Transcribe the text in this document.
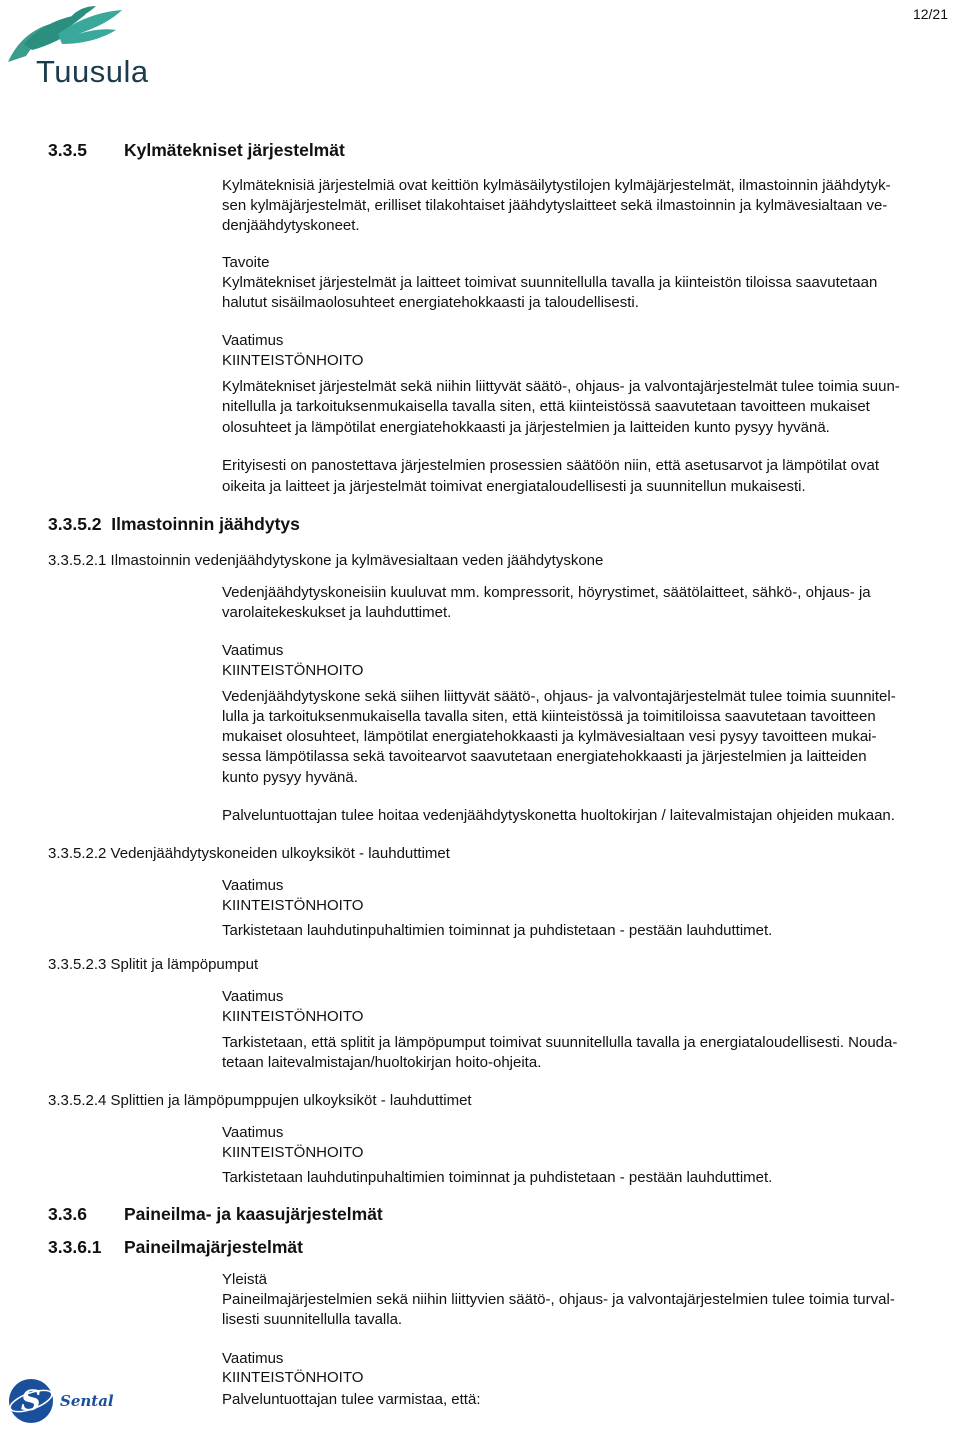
Tuusula
12/21
3.3.5 Kylmätekniset järjestelmät
Kylmäteknisiä järjestelmiä ovat keittiön kylmäsäilytystilojen kylmäjärjestelmät, ilmastoinnin jäähdytyk-
sen kylmäjärjestelmät, erilliset tilakohtaiset jäähdytyslaitteet sekä ilmastoinnin ja kylmävesialtaan ve-
denjäähdytyskoneet.
Tavoite
Kylmätekniset järjestelmät ja laitteet toimivat suunnitellulla tavalla ja kiinteistön tiloissa saavutetaan
halutut sisäilmaolosuhteet energiatehokkaasti ja taloudellisesti.
Vaatimus
KIINTEISTÖNHOITO
Kylmätekniset järjestelmät sekä niihin liittyvät säätö-, ohjaus- ja valvontajärjestelmät tulee toimia suun-
nitellulla ja tarkoituksenmukaisella tavalla siten, että kiinteistössä saavutetaan tavoitteen mukaiset
olosuhteet ja lämpötilat energiatehokkaasti ja järjestelmien ja laitteiden kunto pysyy hyvänä.
Erityisesti on panostettava järjestelmien prosessien säätöön niin, että asetusarvot ja lämpötilat ovat
oikeita ja laitteet ja järjestelmät toimivat energiataloudellisesti ja suunnitellun mukaisesti.
3.3.5.2  Ilmastoinnin jäähdytys
3.3.5.2.1 Ilmastoinnin vedenjäähdytyskone ja kylmävesialtaan veden jäähdytyskone
Vedenjäähdytyskoneisiin kuuluvat mm. kompressorit, höyrystimet, säätölaitteet, sähkö-, ohjaus- ja
varolaitekeskukset ja lauhduttimet.
Vaatimus
KIINTEISTÖNHOITO
Vedenjäähdytyskone sekä siihen liittyvät säätö-, ohjaus- ja valvontajärjestelmät tulee toimia suunnitel-
lulla ja tarkoituksenmukaisella tavalla siten, että kiinteistössä ja toimitiloissa saavutetaan tavoitteen
mukaiset olosuhteet, lämpötilat energiatehokkaasti ja kylmävesialtaan vesi pysyy tavoitteen mukai-
sessa lämpötilassa sekä tavoitearvot saavutetaan energiatehokkaasti ja järjestelmien ja laitteiden
kunto pysyy hyvänä.
Palveluntuottajan tulee hoitaa vedenjäähdytyskonetta huoltokirjan / laitevalmistajan ohjeiden mukaan.
3.3.5.2.2 Vedenjäähdytyskoneiden ulkoyksiköt - lauhduttimet
Vaatimus
KIINTEISTÖNHOITO
Tarkistetaan lauhdutinpuhaltimien toiminnat ja puhdistetaan - pestään lauhduttimet.
3.3.5.2.3 Splitit ja lämpöpumput
Vaatimus
KIINTEISTÖNHOITO
Tarkistetaan, että splitit ja lämpöpumput toimivat suunnitellulla tavalla ja energiataloudellisesti. Nouda-
tetaan laitevalmistajan/huoltokirjan hoito-ohjeita.
3.3.5.2.4 Splittien ja lämpöpumppujen ulkoyksiköt - lauhduttimet
Vaatimus
KIINTEISTÖNHOITO
Tarkistetaan lauhdutinpuhaltimien toiminnat ja puhdistetaan - pestään lauhduttimet.
3.3.6 Paineilma- ja kaasujärjestelmät
3.3.6.1 Paineilmajärjestelmät
Yleistä
Paineilmajärjestelmien sekä niihin liittyvien säätö-, ohjaus- ja valvontajärjestelmien tulee toimia turval-
lisesti suunnitellulla tavalla.
Vaatimus
KIINTEISTÖNHOITO
Palveluntuottajan tulee varmistaa, että:
S Sental
